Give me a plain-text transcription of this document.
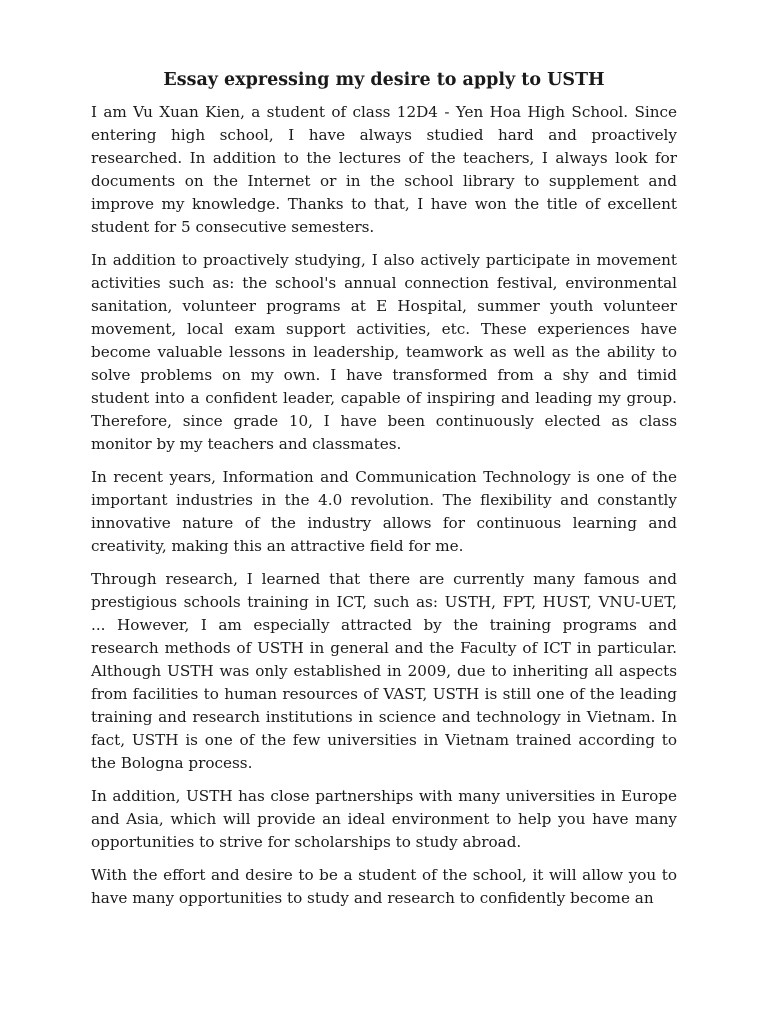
Essay expressing my desire to apply to USTH

I am Vu Xuan Kien, a student of class 12D4 - Yen Hoa High School. Since entering high school, I have always studied hard and proactively researched. In addition to the lectures of the teachers, I always look for documents on the Internet or in the school library to supplement and improve my knowledge. Thanks to that, I have won the title of excellent student for 5 consecutive semesters.

In addition to proactively studying, I also actively participate in movement activities such as: the school's annual connection festival, environmental sanitation, volunteer programs at E Hospital, summer youth volunteer movement, local exam support activities, etc. These experiences have become valuable lessons in leadership, teamwork as well as the ability to solve problems on my own. I have transformed from a shy and timid student into a confident leader, capable of inspiring and leading my group. Therefore, since grade 10, I have been continuously elected as class monitor by my teachers and classmates.

In recent years, Information and Communication Technology is one of the important industries in the 4.0 revolution. The flexibility and constantly innovative nature of the industry allows for continuous learning and creativity, making this an attractive field for me.

Through research, I learned that there are currently many famous and prestigious schools training in ICT, such as: USTH, FPT, HUST, VNU-UET, ... However, I am especially attracted by the training programs and research methods of USTH in general and the Faculty of ICT in particular. Although USTH was only established in 2009, due to inheriting all aspects from facilities to human resources of VAST, USTH is still one of the leading training and research institutions in science and technology in Vietnam. In fact, USTH is one of the few universities in Vietnam trained according to the Bologna process.

In addition, USTH has close partnerships with many universities in Europe and Asia, which will provide an ideal environment to help you have many opportunities to strive for scholarships to study abroad.

With the effort and desire to be a student of the school, it will allow you to have many opportunities to study and research to confidently become an
